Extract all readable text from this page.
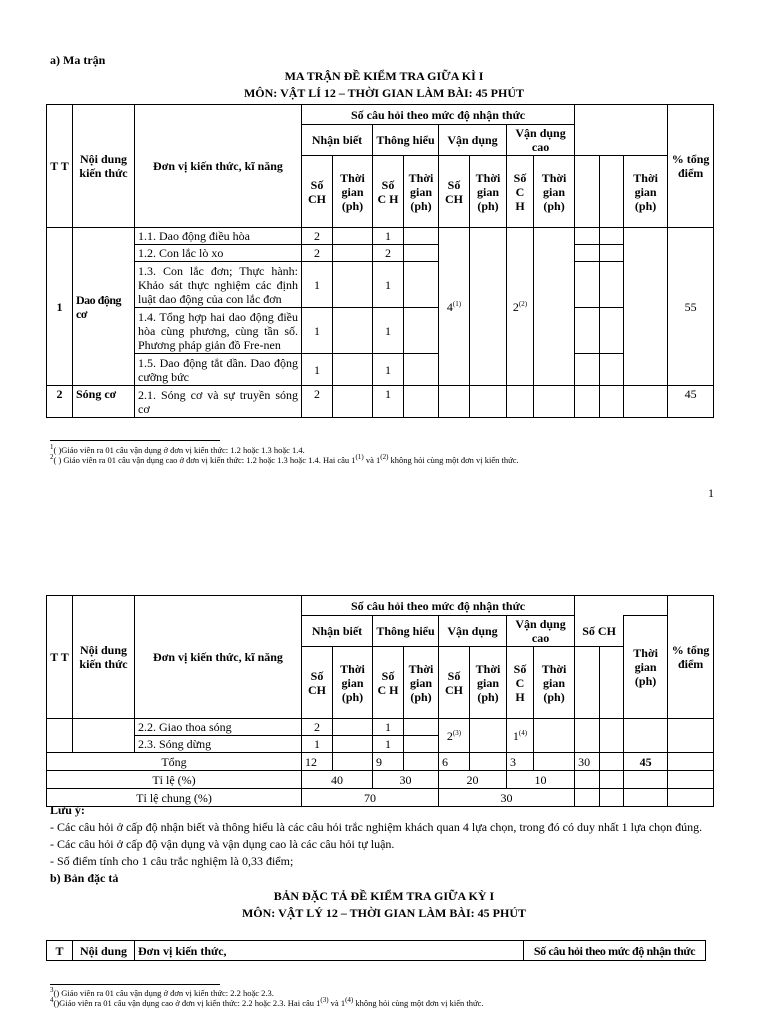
a) Ma trận
MA TRẬN ĐỀ KIỂM TRA GIỮA KÌ I
MÔN: VẬT LÍ 12 – THỜI GIAN LÀM BÀI: 45 PHÚT
T T	Nội dung kiến thức	Đơn vị kiến thức, kĩ năng	Số câu hỏi theo mức độ nhận thức											% tổng điểm
			Nhận biết		Thông hiểu		Vận dụng		Vận dụng cao					
			Số CH	Thời gian (ph)	Số C H	Thời gian (ph)	Số CH	Thời gian (ph)	Số C H	Thời gian (ph)			Thời gian (ph)	
1	Dao động cơ	1.1. Dao động điều hòa	2		1		4$^{(1)}$		2$^{(2)}$					55
		1.2. Con lắc lò xo	2		2									
		1.3. Con lắc đơn; Thực hành: Khảo sát thực nghiệm các định luật dao động của con lắc đơn	1		1									
		1.4. Tổng hợp hai dao động điều hòa cùng phương, cùng tần số. Phương pháp giản đồ Fre-nen	1		1									
		1.5. Dao động tắt dần. Dao động cưỡng bức	1		1									
2	Sóng cơ	2.1. Sóng cơ và sự truyền sóng cơ	2		1									45
$^1$( )Giáo viên ra 01 câu vận dụng ở đơn vị kiến thức: 1.2 hoặc 1.3 hoặc 1.4.
$^2$( ) Giáo viên ra 01 câu vận dụng cao ở đơn vị kiến thức: 1.2 hoặc 1.3 hoặc 1.4. Hai câu 1$^{(1)}$ và 1$^{(2)}$ không hỏi cùng một đơn vị kiến thức.
1
T T	Nội dung kiến thức	Đơn vị kiến thức, kĩ năng	Số câu hỏi theo mức độ nhận thức											% tổng điểm
			Nhận biết		Thông hiểu		Vận dụng		Vận dụng cao		Số CH		Thời gian (ph)	
			Số CH	Thời gian (ph)	Số C H	Thời gian (ph)	Số CH	Thời gian (ph)	Số C H	Thời gian (ph)				
		2.2. Giao thoa sóng	2		1		2$^{(3)}$		1$^{(4)}$					
		2.3. Sóng dừng	1		1									
Tổng			12		9		6		3		30		45	
Tỉ lệ (%)			40		30		20		10					
Tỉ lệ chung (%)			70				30							
Lưu ý:
- Các câu hỏi ở cấp độ nhận biết và thông hiểu là các câu hỏi trắc nghiệm khách quan 4 lựa chọn, trong đó có duy nhất 1 lựa chọn đúng.
- Các câu hỏi ở cấp độ vận dụng và vận dụng cao là các câu hỏi tự luận.
- Số điểm tính cho 1 câu trắc nghiệm là 0,33 điểm;
b) Bản đặc tả
BẢN ĐẶC TẢ ĐỀ KIỂM TRA GIỮA KỲ I
MÔN: VẬT LÝ 12 – THỜI GIAN LÀM BÀI: 45 PHÚT
T	Nội dung	Đơn vị kiến thức,	Số câu hỏi theo mức độ nhận thức
$^3$() Giáo viên ra 01 câu vận dụng ở đơn vị kiến thức: 2.2 hoặc 2.3.
$^4$()Giáo viên ra 01 câu vận dụng cao ở đơn vị kiến thức: 2.2 hoặc 2.3. Hai câu 1$^{(3)}$ và 1$^{(4)}$ không hỏi cùng một đơn vị kiến thức.
